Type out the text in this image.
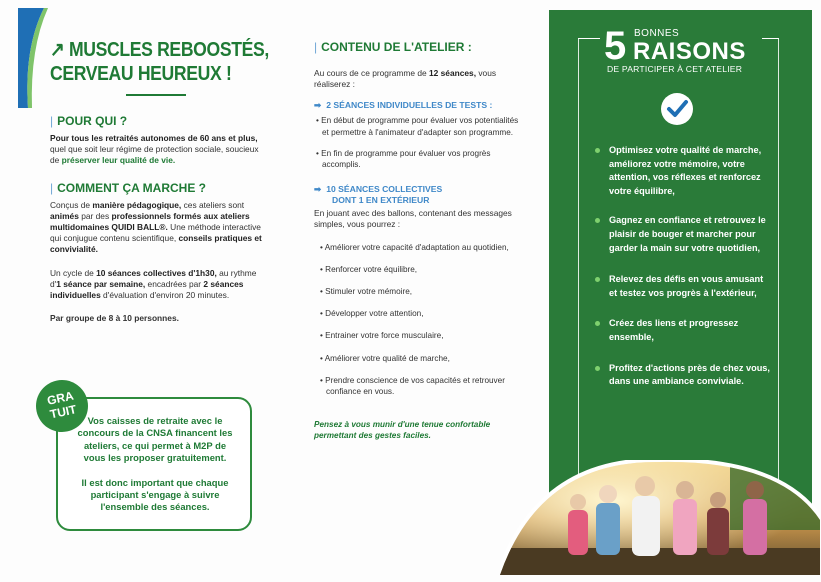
↗ MUSCLES REBOOSTÉS,
CERVEAU HEUREUX !
| POUR QUI ?
Pour tous les retraités autonomes de 60 ans et plus, quel que soit leur régime de protection sociale, soucieux de préserver leur qualité de vie.
| COMMENT ÇA MARCHE ?
Conçus de manière pédagogique, ces ateliers sont animés par des professionnels formés aux ateliers multidomaines QUIDI BALL®. Une méthode interactive qui conjugue contenu scientifique, conseils pratiques et convivialité.
Un cycle de 10 séances collectives d'1h30, au rythme d'1 séance par semaine, encadrées par 2 séances individuelles d'évaluation d'environ 20 minutes.
Par groupe de 8 à 10 personnes.
Vos caisses de retraite avec le concours de la CNSA financent les ateliers, ce qui permet à M2P de vous les proposer gratuitement.
Il est donc important que chaque participant s'engage à suivre l'ensemble des séances.
GRA
TUIT
| CONTENU DE L'ATELIER :
Au cours de ce programme de 12 séances, vous réaliserez :
➡ 2 SÉANCES INDIVIDUELLES DE TESTS :
• En début de programme pour évaluer vos potentialités et permettre à l'animateur d'adapter son programme.
• En fin de programme pour évaluer vos progrès accomplis.
➡ 10 SÉANCES COLLECTIVES
DONT 1 EN EXTÉRIEUR
En jouant avec des ballons, contenant des messages simples, vous pourrez :
• Améliorer votre capacité d'adaptation au quotidien,
• Renforcer votre équilibre,
• Stimuler votre mémoire,
• Développer votre attention,
• Entrainer votre force musculaire,
• Améliorer votre qualité de marche,
• Prendre conscience de vos capacités et retrouver confiance en vous.
Pensez à vous munir d'une tenue confortable permettant des gestes faciles.
5 BONNES
RAISONS
DE PARTICIPER À CET ATELIER
Optimisez votre qualité de marche, améliorez votre mémoire, votre attention, vos réflexes et renforcez votre équilibre,
Gagnez en confiance et retrouvez le plaisir de bouger et marcher pour garder la main sur votre quotidien,
Relevez des défis en vous amusant et testez vos progrès à l'extérieur,
Créez des liens et progressez ensemble,
Profitez d'actions près de chez vous, dans une ambiance conviviale.
